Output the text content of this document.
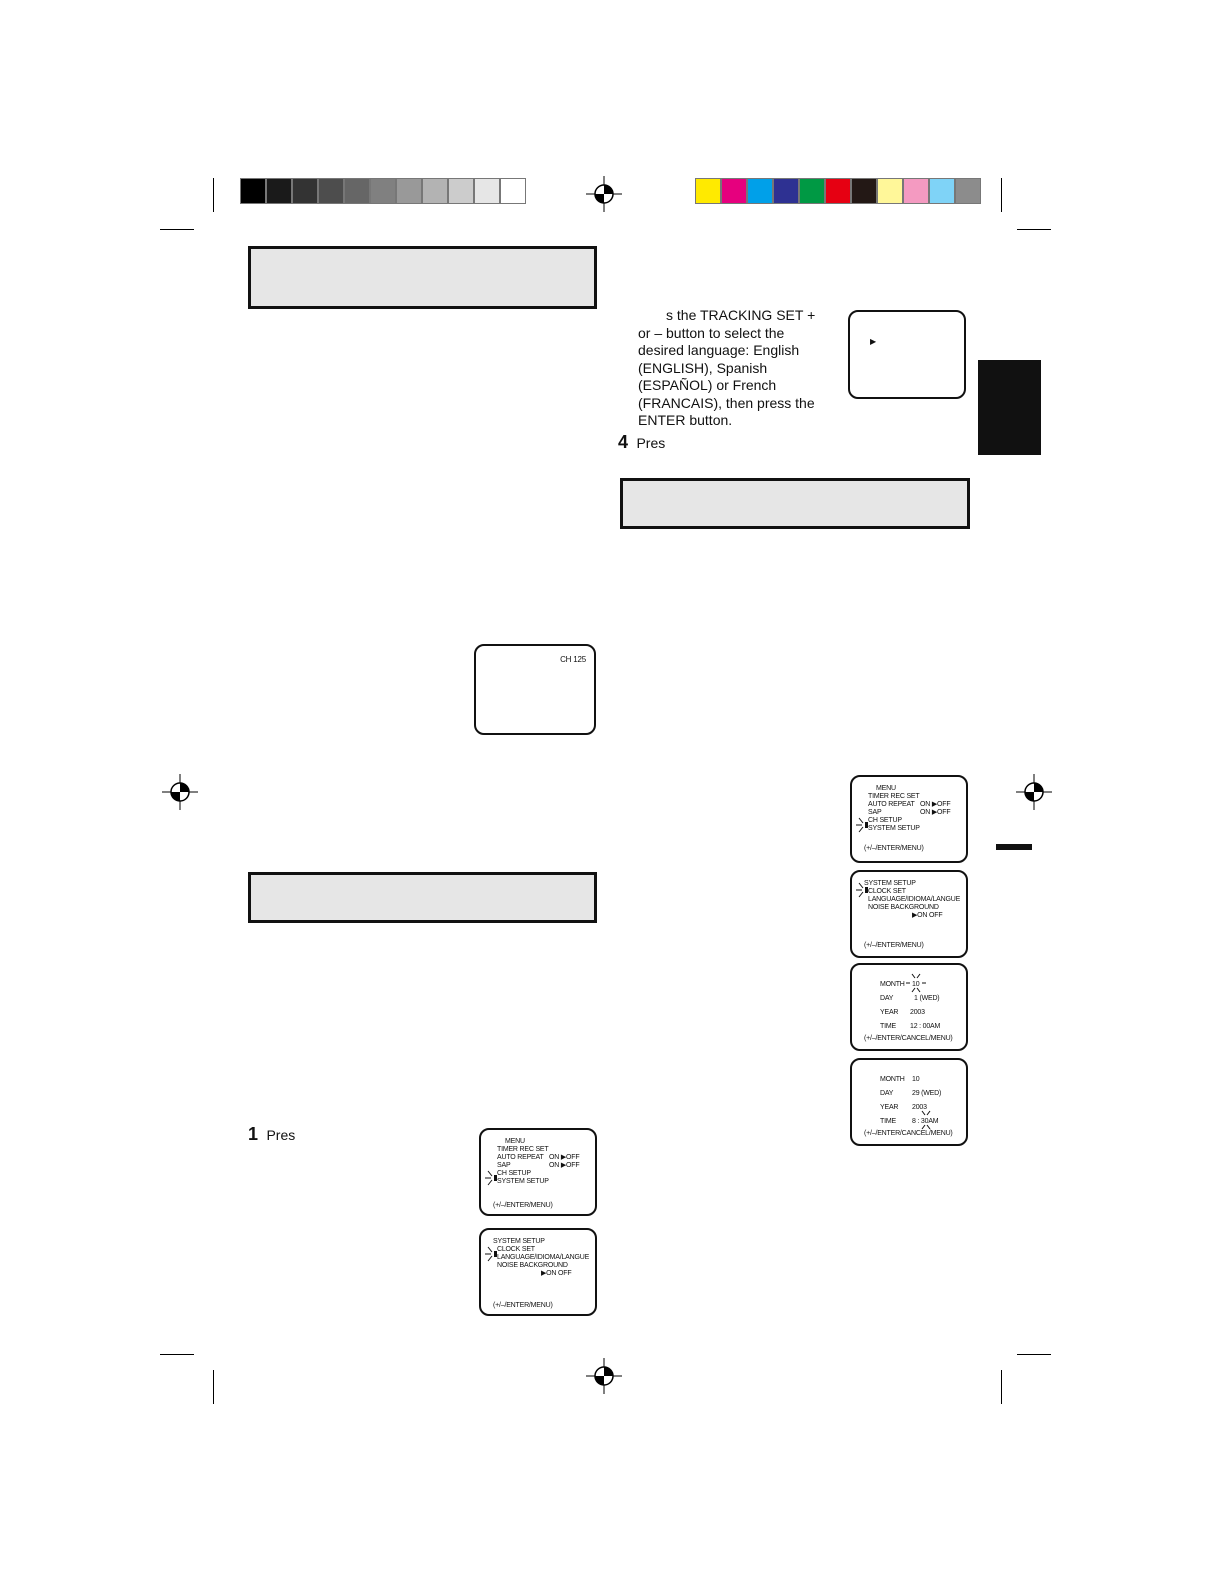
s the TRACKING SET +
or – button to select the
desired language: English
(ENGLISH), Spanish
(ESPAÑOL) or French
(FRANCAIS), then press the
ENTER button.
▶
4 Pres
CH 125
1 Pres	MENU
TIMER REC SET
AUTO REPEAT ON ▶OFF
SAP	ON ▶OFF
CH SETUP
SYSTEM SETUP
(+/–/ENTER/MENU)
SYSTEM SETUP
CLOCK SET
LANGUAGE/IDIOMA/LANGUE
NOISE BACKGROUND
▶ON OFF
(+/–/ENTER/MENU)
MENU
TIMER REC SET
AUTO REPEAT ON ▶OFF
SAP	ON ▶OFF
CH SETUP
SYSTEM SETUP
(+/–/ENTER/MENU)
SYSTEM SETUP
CLOCK SET
LANGUAGE/IDIOMA/LANGUE
NOISE BACKGROUND
▶ON OFF
(+/–/ENTER/MENU)
MONTH 10
DAY	1 (WED)
YEAR 2003
TIME 12 : 00AM
(+/–/ENTER/CANCEL/MENU)
MONTH 10
DAY	29 (WED)
YEAR 2003
TIME 8 : 30AM
(+/–/ENTER/CANCEL/MENU)
